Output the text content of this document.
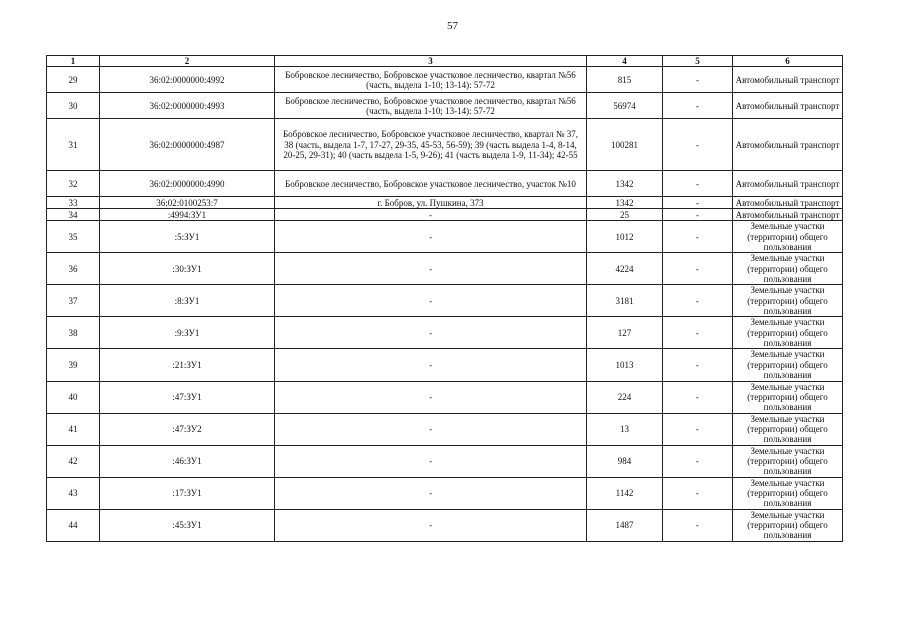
57
1	2	3	4	5	6
29	36:02:0000000:4992	Бобровское лесничество, Бобровское участковое лесничество, квартал №56 (часть, выдела 1-10; 13-14): 57-72	815	-	Автомобильный транспорт
30	36:02:0000000:4993	Бобровское лесничество, Бобровское участковое лесничество, квартал №56 (часть, выдела 1-10; 13-14): 57-72	56974	-	Автомобильный транспорт
31	36:02:0000000:4987	Бобровское лесничество, Бобровское участковое лесничество, квартал № 37, 38 (часть, выдела 1-7, 17-27, 29-35, 45-53, 56-59); 39 (часть выдела 1-4, 8-14, 20-25, 29-31); 40 (часть выдела 1-5, 9-26); 41 (часть выдела 1-9, 11-34); 42-55	100281	-	Автомобильный транспорт
32	36:02:0000000:4990	Бобровское лесничество, Бобровское участковое лесничество, участок №10	1342	-	Автомобильный транспорт
33	36:02:0100253:7	г. Бобров, ул. Пушкина, 373	1342	-	Автомобильный транспорт
34	:4994:ЗУ1	-	25	-	Автомобильный транспорт
35	:5:ЗУ1	-	1012	-	Земельные участки (территории) общего пользования
36	:30:ЗУ1	-	4224	-	Земельные участки (территории) общего пользования
37	:8:ЗУ1	-	3181	-	Земельные участки (территории) общего пользования
38	:9:ЗУ1	-	127	-	Земельные участки (территории) общего пользования
39	:21:ЗУ1	-	1013	-	Земельные участки (территории) общего пользования
40	:47:ЗУ1	-	224	-	Земельные участки (территории) общего пользования
41	:47:ЗУ2	-	13	-	Земельные участки (территории) общего пользования
42	:46:ЗУ1	-	984	-	Земельные участки (территории) общего пользования
43	:17:ЗУ1	-	1142	-	Земельные участки (территории) общего пользования
44	:45:ЗУ1	-	1487	-	Земельные участки (территории) общего пользования
